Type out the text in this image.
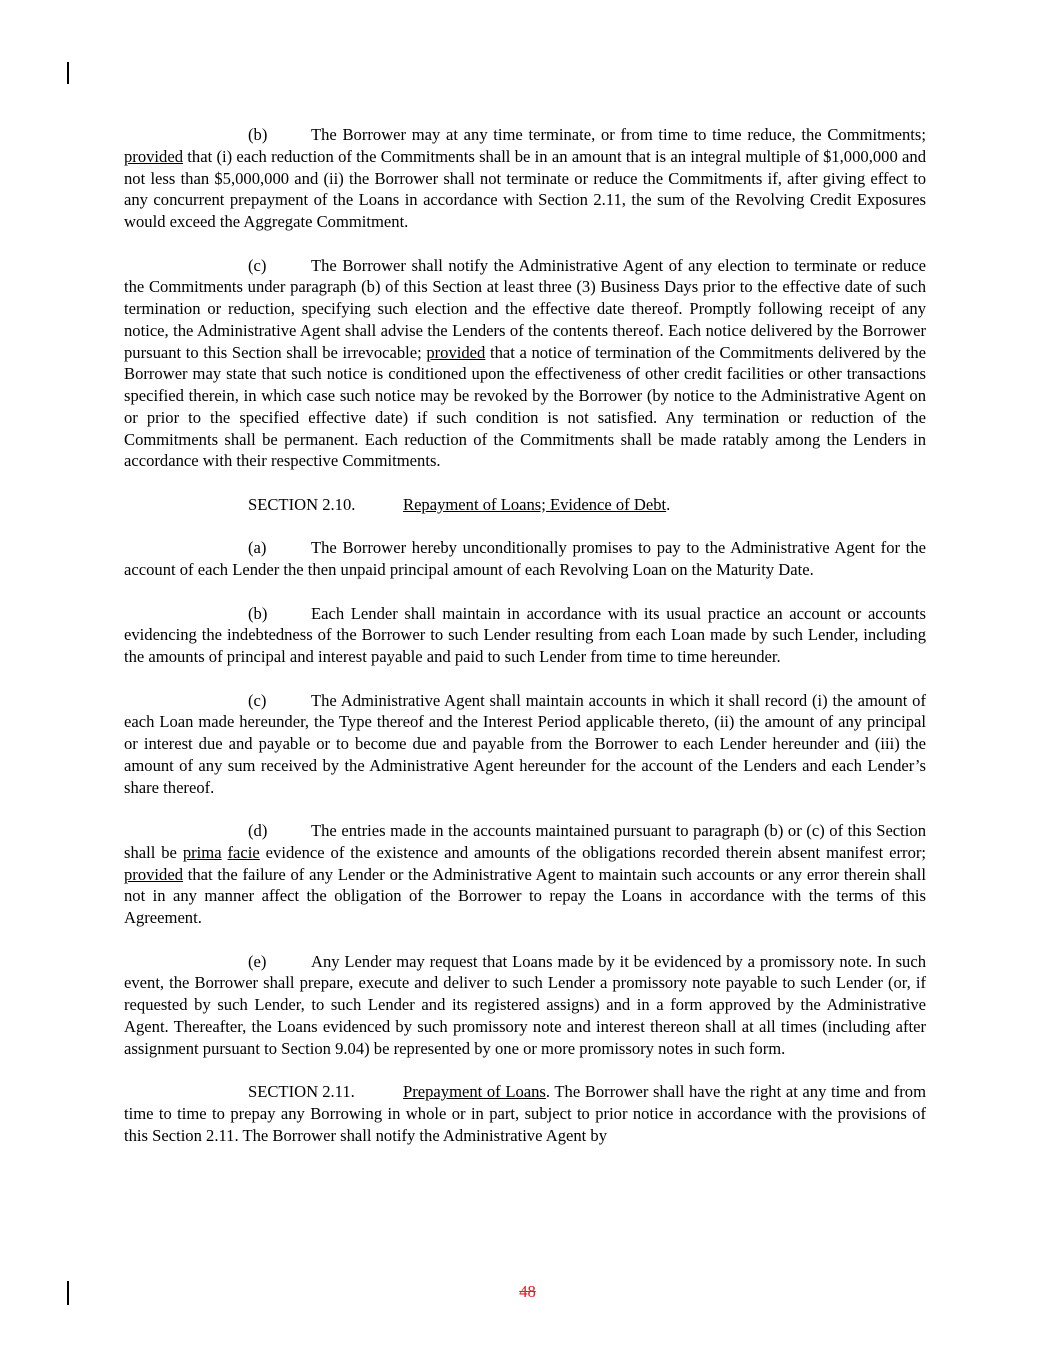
(b)	The Borrower may at any time terminate, or from time to time reduce, the Commitments; provided that (i) each reduction of the Commitments shall be in an amount that is an integral multiple of $1,000,000 and not less than $5,000,000 and (ii) the Borrower shall not terminate or reduce the Commitments if, after giving effect to any concurrent prepayment of the Loans in accordance with Section 2.11, the sum of the Revolving Credit Exposures would exceed the Aggregate Commitment.

(c)	The Borrower shall notify the Administrative Agent of any election to terminate or reduce the Commitments under paragraph (b) of this Section at least three (3) Business Days prior to the effective date of such termination or reduction, specifying such election and the effective date thereof. Promptly following receipt of any notice, the Administrative Agent shall advise the Lenders of the contents thereof. Each notice delivered by the Borrower pursuant to this Section shall be irrevocable; provided that a notice of termination of the Commitments delivered by the Borrower may state that such notice is conditioned upon the effectiveness of other credit facilities or other transactions specified therein, in which case such notice may be revoked by the Borrower (by notice to the Administrative Agent on or prior to the specified effective date) if such condition is not satisfied. Any termination or reduction of the Commitments shall be permanent. Each reduction of the Commitments shall be made ratably among the Lenders in accordance with their respective Commitments.

SECTION 2.10.	Repayment of Loans; Evidence of Debt.

(a)	The Borrower hereby unconditionally promises to pay to the Administrative Agent for the account of each Lender the then unpaid principal amount of each Revolving Loan on the Maturity Date.

(b)	Each Lender shall maintain in accordance with its usual practice an account or accounts evidencing the indebtedness of the Borrower to such Lender resulting from each Loan made by such Lender, including the amounts of principal and interest payable and paid to such Lender from time to time hereunder.

(c)	The Administrative Agent shall maintain accounts in which it shall record (i) the amount of each Loan made hereunder, the Type thereof and the Interest Period applicable thereto, (ii) the amount of any principal or interest due and payable or to become due and payable from the Borrower to each Lender hereunder and (iii) the amount of any sum received by the Administrative Agent hereunder for the account of the Lenders and each Lender’s share thereof.

(d)	The entries made in the accounts maintained pursuant to paragraph (b) or (c) of this Section shall be prima facie evidence of the existence and amounts of the obligations recorded therein absent manifest error; provided that the failure of any Lender or the Administrative Agent to maintain such accounts or any error therein shall not in any manner affect the obligation of the Borrower to repay the Loans in accordance with the terms of this Agreement.

(e)	Any Lender may request that Loans made by it be evidenced by a promissory note. In such event, the Borrower shall prepare, execute and deliver to such Lender a promissory note payable to such Lender (or, if requested by such Lender, to such Lender and its registered assigns) and in a form approved by the Administrative Agent. Thereafter, the Loans evidenced by such promissory note and interest thereon shall at all times (including after assignment pursuant to Section 9.04) be represented by one or more promissory notes in such form.

SECTION 2.11.	Prepayment of Loans. The Borrower shall have the right at any time and from time to time to prepay any Borrowing in whole or in part, subject to prior notice in accordance with the provisions of this Section 2.11. The Borrower shall notify the Administrative Agent by

48
